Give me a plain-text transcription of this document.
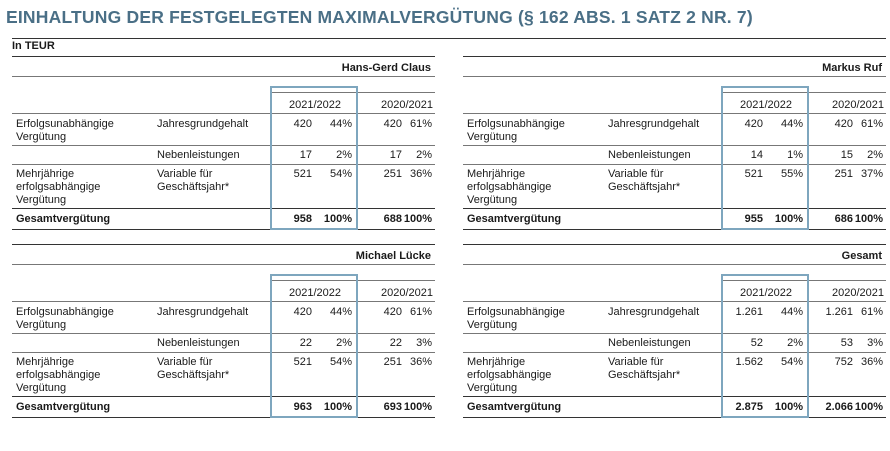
EINHALTUNG DER FESTGELEGTEN MAXIMALVERGÜTUNG (§ 162 ABS. 1 SATZ 2 NR. 7)
In TEUR
Hans-Gerd Claus
2021/2022	2020/2021
Erfolgsunabhängige
Vergütung
Jahresgrundgehalt	420	44%	420 61%
Nebenleistungen	17	2%	17	2%
Mehrjährige
erfolgsabhängige
Vergütung
Variable für
Geschäftsjahr*
521	54%	251 36%
Gesamtvergütung	958	100%	688 100%
Markus Ruf
2021/2022	2020/2021
Erfolgsunabhängige
Vergütung
Jahresgrundgehalt	420	44%	420 61%
Nebenleistungen	14	1%	15	2%
Mehrjährige
erfolgsabhängige
Vergütung
Variable für
Geschäftsjahr*
521	55%	251 37%
Gesamtvergütung	955	100%	686 100%
Michael Lücke
2021/2022	2020/2021
Erfolgsunabhängige
Vergütung
Jahresgrundgehalt	420	44%	420 61%
Nebenleistungen	22	2%	22	3%
Mehrjährige
erfolgsabhängige
Vergütung
Variable für
Geschäftsjahr*
521	54%	251 36%
Gesamtvergütung	963	100%	693 100%
Gesamt
2021/2022	2020/2021
Erfolgsunabhängige
Vergütung
Jahresgrundgehalt	1.261	44%	1.261 61%
Nebenleistungen	52	2%	53	3%
Mehrjährige
erfolgsabhängige
Vergütung
Variable für
Geschäftsjahr*
1.562	54%	752 36%
Gesamtvergütung	2.875	100%	2.066 100%
